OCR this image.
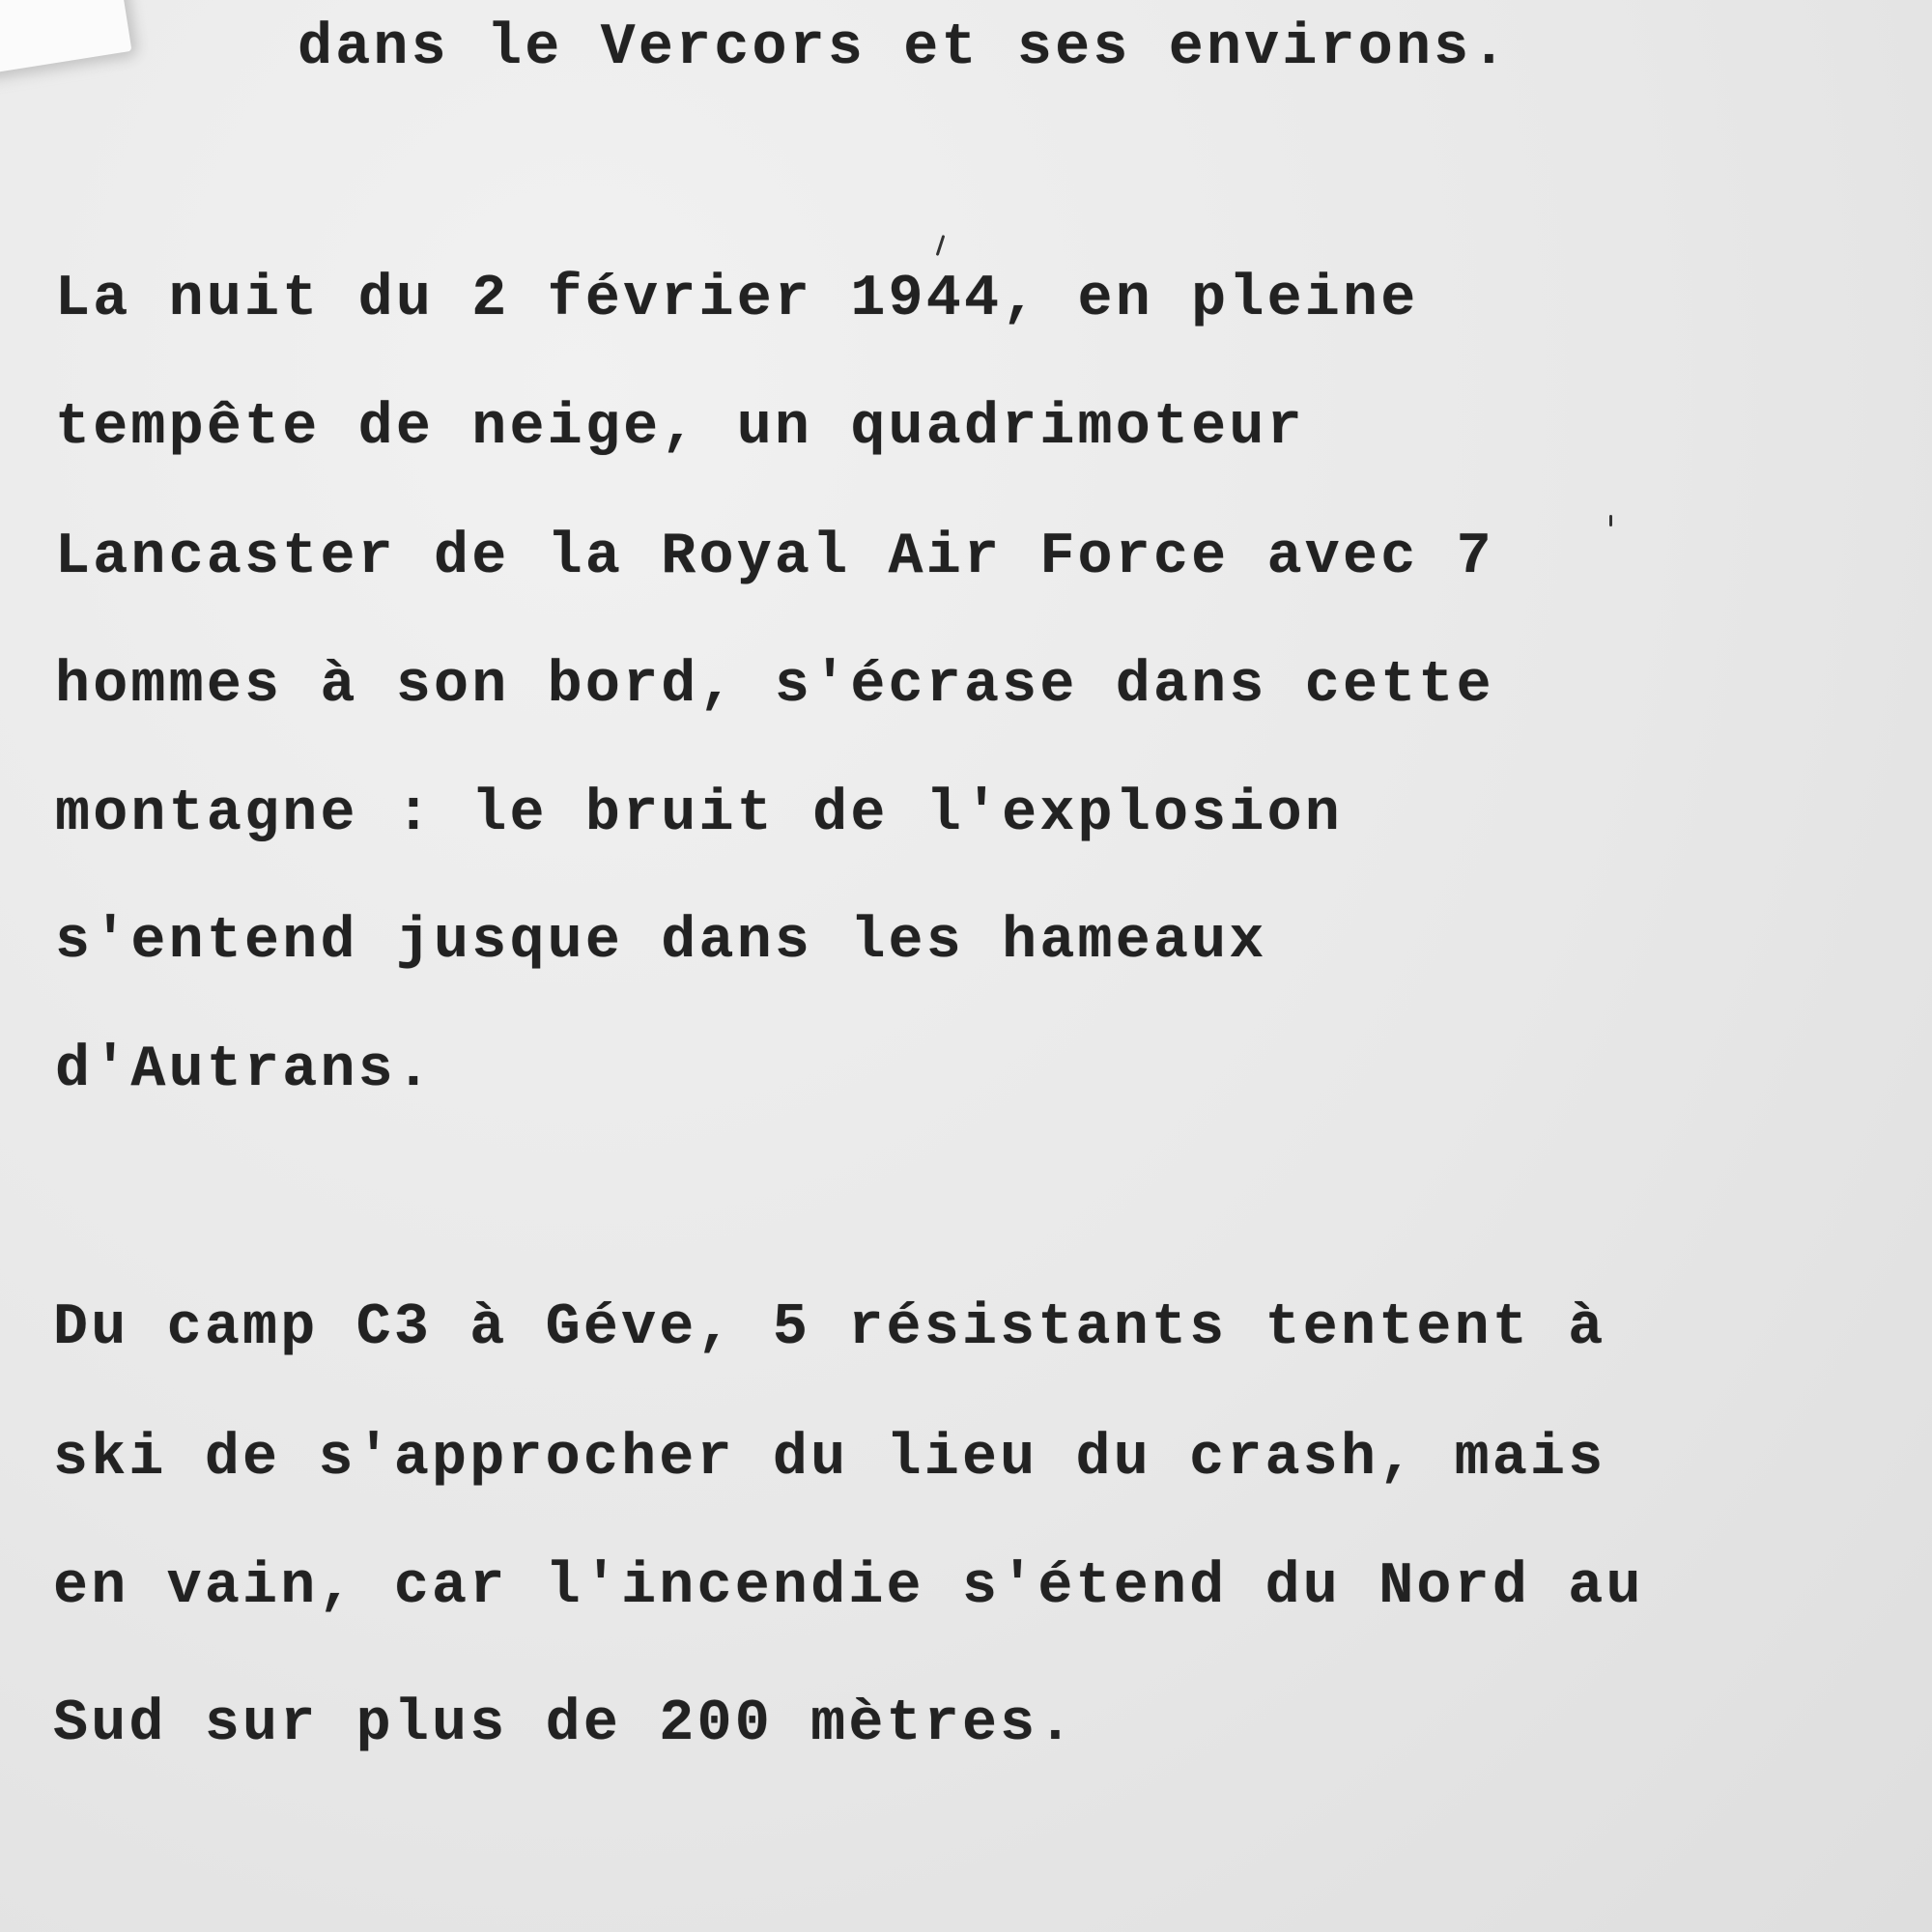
dans le Vercors et ses environs.

La nuit du 2 février 1944, en pleine

tempête de neige, un quadrimoteur

Lancaster de la Royal Air Force avec 7

hommes à son bord, s'écrase dans cette

montagne : le bruit de l'explosion

s'entend jusque dans les hameaux

d'Autrans.

Du camp C3 à Géve, 5 résistants tentent à

ski de s'approcher du lieu du crash, mais

en vain, car l'incendie s'étend du Nord au

Sud sur plus de 200 mètres.
